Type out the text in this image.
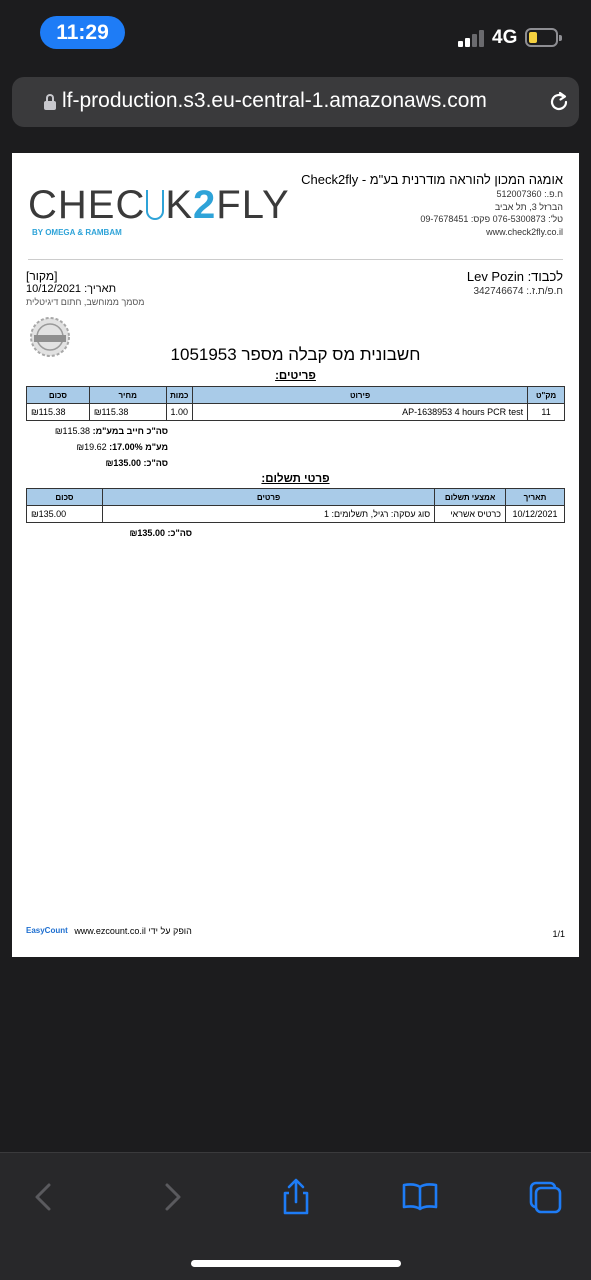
11:29	4G
lf-production.s3.eu-central-1.amazonaws.com
CHEC K2FLY
BY OMEGA & RAMBAM
אומגה המכון להוראה מודרנית בע"מ - Check2fly
ח.פ.: 512007360
הברזל 3, תל אביב
טל': 076-5300873 פקס: 09-7678451
www.check2fly.co.il
לכבוד: Lev Pozin
ח.פ/ת.ז.: 342746674
[מקור]
תאריך: 10/12/2021
מסמך ממוחשב, חתום דיגיטלית
חשבונית מס קבלה מספר 1051953
פריטים:
מק"ט	פירוט	כמות	מחיר	סכום
11	AP-1638953 4 hours PCR test	1.00	₪115.38	₪115.38
סה"כ חייב במע"מ: ₪115.38
מע"מ 17.00%: ₪19.62
סה"כ: ₪135.00
פרטי תשלום:
תאריך	אמצעי תשלום	פרטים	סכום
10/12/2021	כרטיס אשראי	סוג עסקה: רגיל, תשלומים: 1	₪135.00
סה"כ: ₪135.00
EasyCount www.ezcount.co.il הופק על ידי	1/1
